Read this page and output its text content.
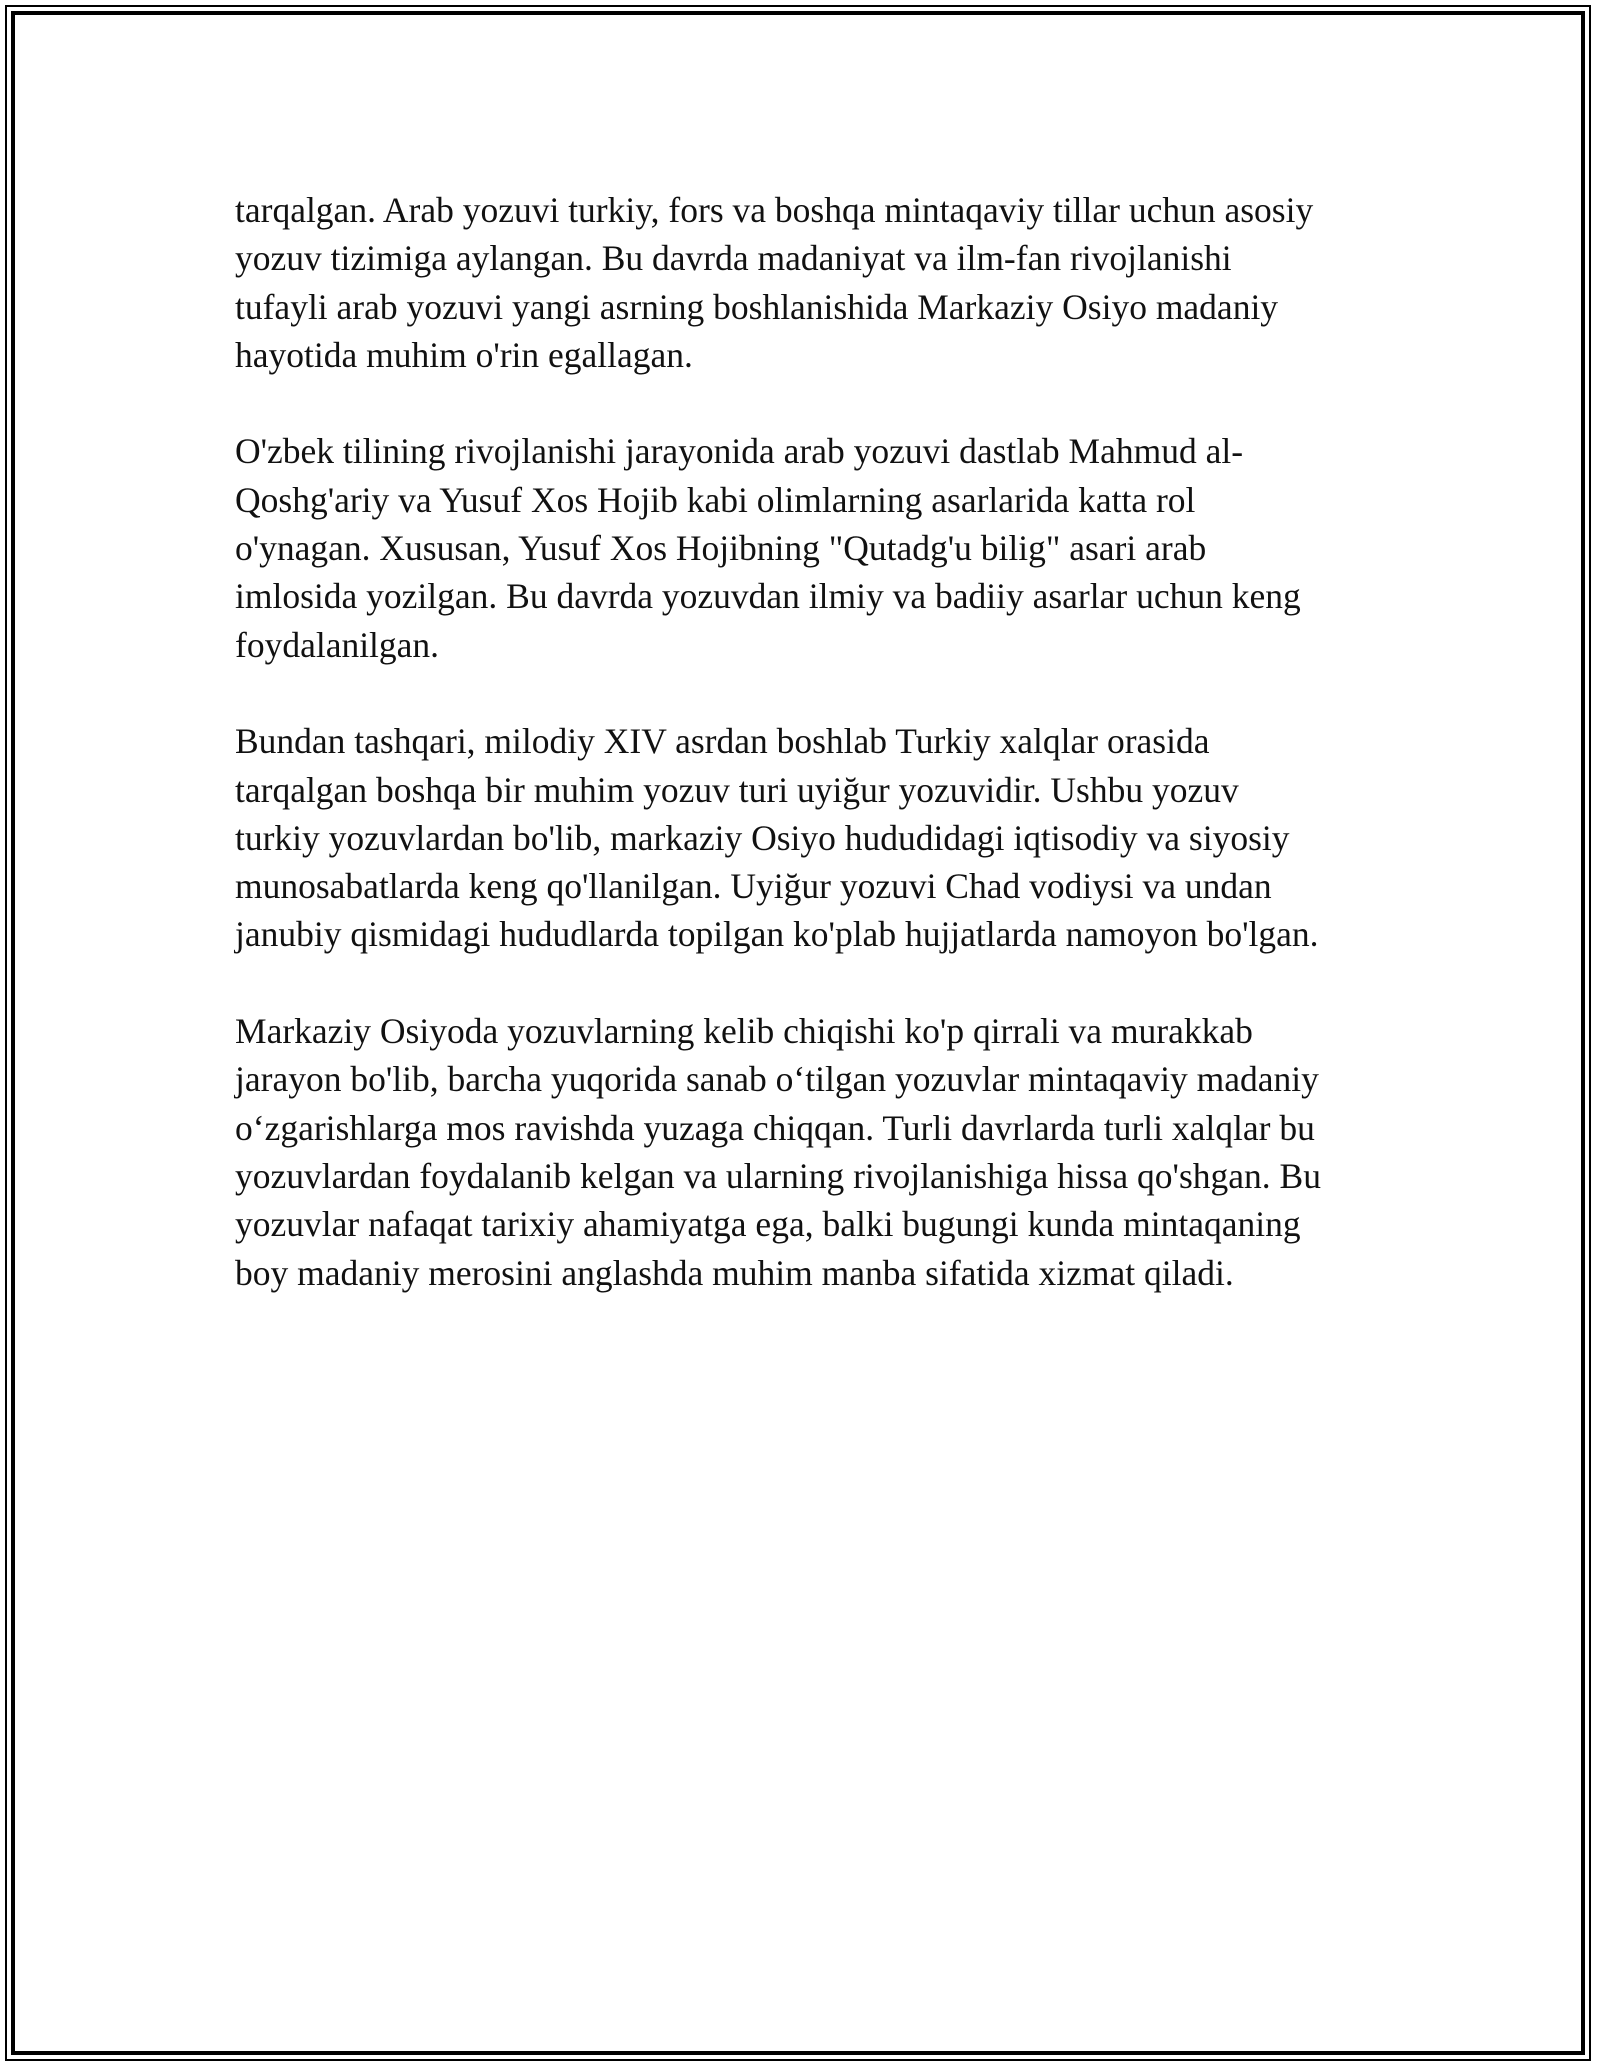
tarqalgan. Arab yozuvi turkiy, fors va boshqa mintaqaviy tillar uchun asosiy
yozuv tizimiga aylangan. Bu davrda madaniyat va ilm-fan rivojlanishi
tufayli arab yozuvi yangi asrning boshlanishida Markaziy Osiyo madaniy
hayotida muhim o'rin egallagan.

O'zbek tilining rivojlanishi jarayonida arab yozuvi dastlab Mahmud al-
Qoshg'ariy va Yusuf Xos Hojib kabi olimlarning asarlarida katta rol
o'ynagan. Xususan, Yusuf Xos Hojibning "Qutadg'u bilig" asari arab
imlosida yozilgan. Bu davrda yozuvdan ilmiy va badiiy asarlar uchun keng
foydalanilgan.

Bundan tashqari, milodiy XIV asrdan boshlab Turkiy xalqlar orasida
tarqalgan boshqa bir muhim yozuv turi uyiğur yozuvidir. Ushbu yozuv
turkiy yozuvlardan bo'lib, markaziy Osiyo hududidagi iqtisodiy va siyosiy
munosabatlarda keng qo'llanilgan. Uyiğur yozuvi Chad vodiysi va undan
janubiy qismidagi hududlarda topilgan ko'plab hujjatlarda namoyon bo'lgan.

Markaziy Osiyoda yozuvlarning kelib chiqishi ko'p qirrali va murakkab
jarayon bo'lib, barcha yuqorida sanab o‘tilgan yozuvlar mintaqaviy madaniy
o‘zgarishlarga mos ravishda yuzaga chiqqan. Turli davrlarda turli xalqlar bu
yozuvlardan foydalanib kelgan va ularning rivojlanishiga hissa qo'shgan. Bu
yozuvlar nafaqat tarixiy ahamiyatga ega, balki bugungi kunda mintaqaning
boy madaniy merosini anglashda muhim manba sifatida xizmat qiladi.
